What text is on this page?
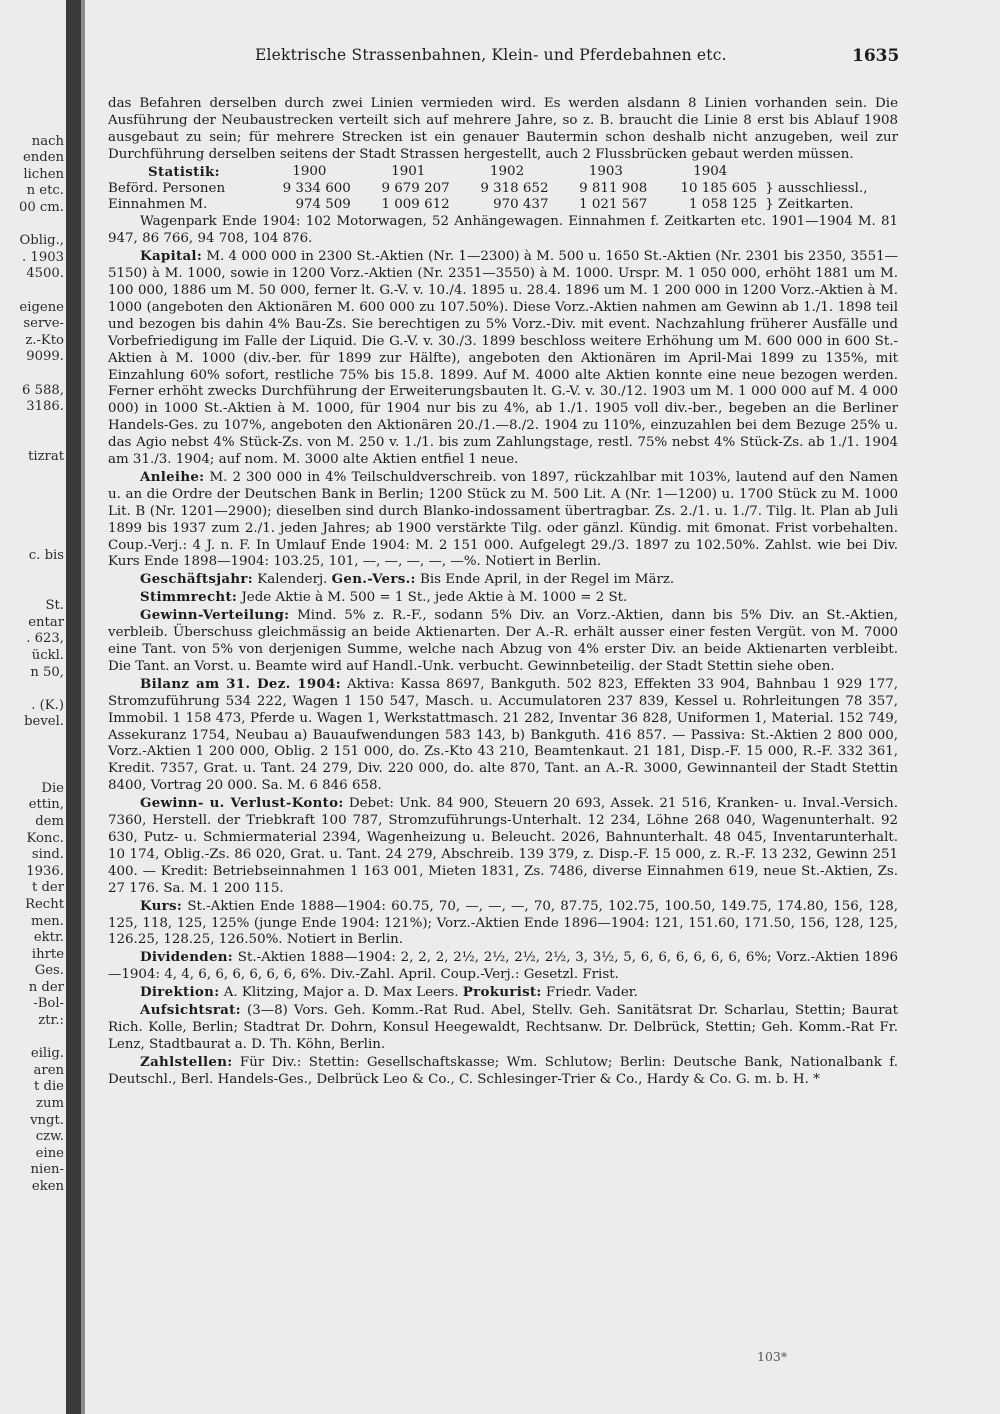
nach
enden
lichen
n etc.
00 cm.
Oblig.,
. 1903
4500.
eigene
serve-
z.-Kto
9099.
6 588,
3186.
tizrat
c. bis
St.
entar
. 623,
ückl.
n 50,
. (K.)
bevel.
Die
ettin,
dem
Konc.
sind.
1936.
t der
Recht
men.
ektr.
ihrte
Ges.
n der
-Bol-
ztr.:
eilig.
aren
t die
zum
vngt.
czw.
eine
nien-
eken
Elektrische Strassenbahnen, Klein- und Pferdebahnen etc.	1635

das Befahren derselben durch zwei Linien vermieden wird. Es werden alsdann 8 Linien vorhanden sein. Die Ausführung der Neubaustrecken verteilt sich auf mehrere Jahre, so z. B. braucht die Linie 8 erst bis Ablauf 1908 ausgebaut zu sein; für mehrere Strecken ist ein genauer Bautermin schon deshalb nicht anzugeben, weil zur Durchführung derselben seitens der Stadt Strassen hergestellt, auch 2 Flussbrücken gebaut werden müssen.

Statistik:	1900	1901	1902	1903	1904	
Beförd. Personen	9 334 600	9 679 207	9 318 652	9 811 908	10 185 605	} ausschliessl.,
Einnahmen M.	974 509	1 009 612	970 437	1 021 567	1 058 125	} Zeitkarten.

Wagenpark Ende 1904: 102 Motorwagen, 52 Anhängewagen. Einnahmen f. Zeitkarten etc. 1901—1904 M. 81 947, 86 766, 94 708, 104 876.

Kapital: M. 4 000 000 in 2300 St.-Aktien (Nr. 1—2300) à M. 500 u. 1650 St.-Aktien (Nr. 2301 bis 2350, 3551—5150) à M. 1000, sowie in 1200 Vorz.-Aktien (Nr. 2351—3550) à M. 1000. Urspr. M. 1 050 000, erhöht 1881 um M. 100 000, 1886 um M. 50 000, ferner lt. G.-V. v. 10./4. 1895 u. 28.4. 1896 um M. 1 200 000 in 1200 Vorz.-Aktien à M. 1000 (angeboten den Aktionären M. 600 000 zu 107.50%). Diese Vorz.-Aktien nahmen am Gewinn ab 1./1. 1898 teil und bezogen bis dahin 4% Bau-Zs. Sie berechtigen zu 5% Vorz.-Div. mit event. Nachzahlung früherer Ausfälle und Vorbefriedigung im Falle der Liquid. Die G.-V. v. 30./3. 1899 beschloss weitere Erhöhung um M. 600 000 in 600 St.-Aktien à M. 1000 (div.-ber. für 1899 zur Hälfte), angeboten den Aktionären im April-Mai 1899 zu 135%, mit Einzahlung 60% sofort, restliche 75% bis 15.8. 1899. Auf M. 4000 alte Aktien konnte eine neue bezogen werden. Ferner erhöht zwecks Durchführung der Erweiterungsbauten lt. G.-V. v. 30./12. 1903 um M. 1 000 000 auf M. 4 000 000) in 1000 St.-Aktien à M. 1000, für 1904 nur bis zu 4%, ab 1./1. 1905 voll div.-ber., begeben an die Berliner Handels-Ges. zu 107%, angeboten den Aktionären 20./1.—8./2. 1904 zu 110%, einzuzahlen bei dem Bezuge 25% u. das Agio nebst 4% Stück-Zs. von M. 250 v. 1./1. bis zum Zahlungstage, restl. 75% nebst 4% Stück-Zs. ab 1./1. 1904 am 31./3. 1904; auf nom. M. 3000 alte Aktien entfiel 1 neue.

Anleihe: M. 2 300 000 in 4% Teilschuldverschreib. von 1897, rückzahlbar mit 103%, lautend auf den Namen u. an die Ordre der Deutschen Bank in Berlin; 1200 Stück zu M. 500 Lit. A (Nr. 1—1200) u. 1700 Stück zu M. 1000 Lit. B (Nr. 1201—2900); dieselben sind durch Blanko-indossament übertragbar. Zs. 2./1. u. 1./7. Tilg. lt. Plan ab Juli 1899 bis 1937 zum 2./1. jeden Jahres; ab 1900 verstärkte Tilg. oder gänzl. Kündig. mit 6monat. Frist vorbehalten. Coup.-Verj.: 4 J. n. F. In Umlauf Ende 1904: M. 2 151 000. Aufgelegt 29./3. 1897 zu 102.50%. Zahlst. wie bei Div. Kurs Ende 1898—1904: 103.25, 101, —, —, —, —, —%. Notiert in Berlin.

Geschäftsjahr: Kalenderj. Gen.-Vers.: Bis Ende April, in der Regel im März.

Stimmrecht: Jede Aktie à M. 500 = 1 St., jede Aktie à M. 1000 = 2 St.

Gewinn-Verteilung: Mind. 5% z. R.-F., sodann 5% Div. an Vorz.-Aktien, dann bis 5% Div. an St.-Aktien, verbleib. Überschuss gleichmässig an beide Aktienarten. Der A.-R. erhält ausser einer festen Vergüt. von M. 7000 eine Tant. von 5% von derjenigen Summe, welche nach Abzug von 4% erster Div. an beide Aktienarten verbleibt. Die Tant. an Vorst. u. Beamte wird auf Handl.-Unk. verbucht. Gewinnbeteilig. der Stadt Stettin siehe oben.

Bilanz am 31. Dez. 1904: Aktiva: Kassa 8697, Bankguth. 502 823, Effekten 33 904, Bahnbau 1 929 177, Stromzuführung 534 222, Wagen 1 150 547, Masch. u. Accumulatoren 237 839, Kessel u. Rohrleitungen 78 357, Immobil. 1 158 473, Pferde u. Wagen 1, Werkstattmasch. 21 282, Inventar 36 828, Uniformen 1, Material. 152 749, Assekuranz 1754, Neubau a) Bauaufwendungen 583 143, b) Bankguth. 416 857. — Passiva: St.-Aktien 2 800 000, Vorz.-Aktien 1 200 000, Oblig. 2 151 000, do. Zs.-Kto 43 210, Beamtenkaut. 21 181, Disp.-F. 15 000, R.-F. 332 361, Kredit. 7357, Grat. u. Tant. 24 279, Div. 220 000, do. alte 870, Tant. an A.-R. 3000, Gewinnanteil der Stadt Stettin 8400, Vortrag 20 000. Sa. M. 6 846 658.

Gewinn- u. Verlust-Konto: Debet: Unk. 84 900, Steuern 20 693, Assek. 21 516, Kranken- u. Inval.-Versich. 7360, Herstell. der Triebkraft 100 787, Stromzuführungs-Unterhalt. 12 234, Löhne 268 040, Wagenunterhalt. 92 630, Putz- u. Schmiermaterial 2394, Wagenheizung u. Beleucht. 2026, Bahnunterhalt. 48 045, Inventarunterhalt. 10 174, Oblig.-Zs. 86 020, Grat. u. Tant. 24 279, Abschreib. 139 379, z. Disp.-F. 15 000, z. R.-F. 13 232, Gewinn 251 400. — Kredit: Betriebseinnahmen 1 163 001, Mieten 1831, Zs. 7486, diverse Einnahmen 619, neue St.-Aktien, Zs. 27 176. Sa. M. 1 200 115.

Kurs: St.-Aktien Ende 1888—1904: 60.75, 70, —, —, —, 70, 87.75, 102.75, 100.50, 149.75, 174.80, 156, 128, 125, 118, 125, 125% (junge Ende 1904: 121%); Vorz.-Aktien Ende 1896—1904: 121, 151.60, 171.50, 156, 128, 125, 126.25, 128.25, 126.50%. Notiert in Berlin.

Dividenden: St.-Aktien 1888—1904: 2, 2, 2, 2½, 2½, 2½, 2½, 3, 3½, 5, 6, 6, 6, 6, 6, 6, 6%; Vorz.-Aktien 1896—1904: 4, 4, 6, 6, 6, 6, 6, 6, 6%. Div.-Zahl. April. Coup.-Verj.: Gesetzl. Frist.

Direktion: A. Klitzing, Major a. D. Max Leers. Prokurist: Friedr. Vader.

Aufsichtsrat: (3—8) Vors. Geh. Komm.-Rat Rud. Abel, Stellv. Geh. Sanitätsrat Dr. Scharlau, Stettin; Baurat Rich. Kolle, Berlin; Stadtrat Dr. Dohrn, Konsul Heegewaldt, Rechtsanw. Dr. Delbrück, Stettin; Geh. Komm.-Rat Fr. Lenz, Stadtbaurat a. D. Th. Köhn, Berlin.

Zahlstellen: Für Div.: Stettin: Gesellschaftskasse; Wm. Schlutow; Berlin: Deutsche Bank, Nationalbank f. Deutschl., Berl. Handels-Ges., Delbrück Leo & Co., C. Schlesinger-Trier & Co., Hardy & Co. G. m. b. H. *

103*
